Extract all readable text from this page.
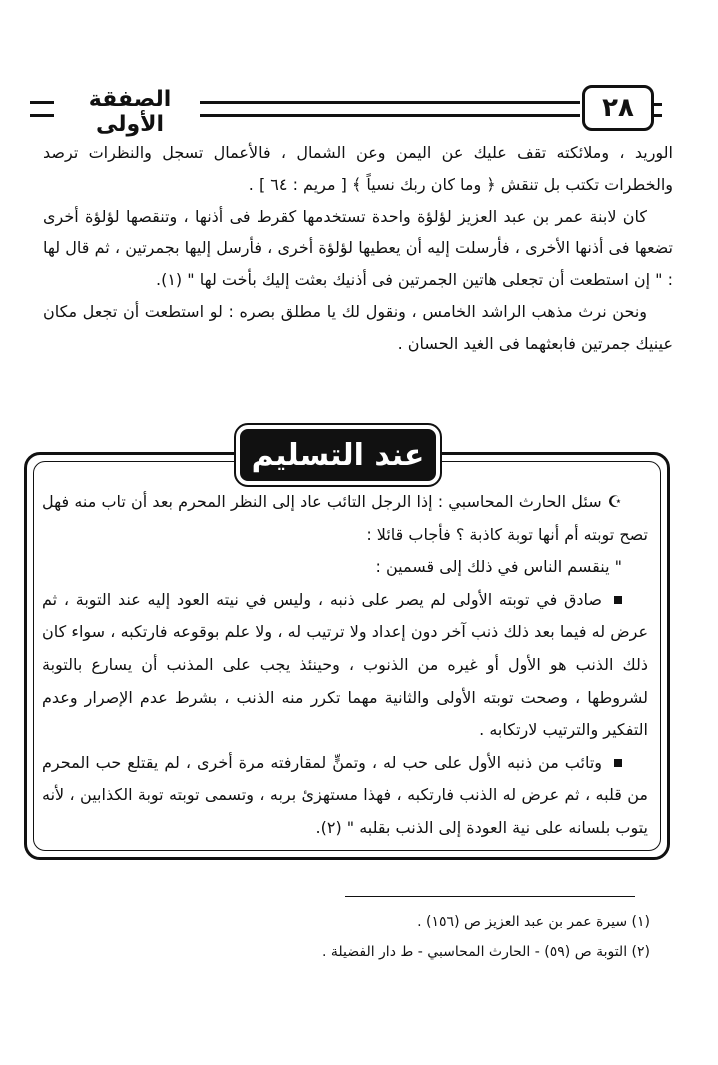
٢٨
الصفقة الأولى

الوريد ، وملائكته تقف عليك عن اليمن وعن الشمال ، فالأعمال تسجل والنظرات ترصد والخطرات تكتب بل تنقش ﴿ وما كان ربك نسياً ﴾ [ مريم : ٦٤ ] .

كان لابنة عمر بن عبد العزيز لؤلؤة واحدة تستخدمها كقرط فى أذنها ، وتنقصها لؤلؤة أخرى تضعها فى أذنها الأخرى ، فأرسلت إليه أن يعطيها لؤلؤة أخرى ، فأرسل إليها بجمرتين ، ثم قال لها : " إن استطعت أن تجعلى هاتين الجمرتين فى أذنيك بعثت إليك بأخت لها " (١).

ونحن نرث مذهب الراشد الخامس ، ونقول لك يا مطلق بصره : لو استطعت أن تجعل مكان عينيك جمرتين فابعثهما فى الغيد الحسان .

عند التسليم

☪سئل الحارث المحاسبي : إذا الرجل التائب عاد إلى النظر المحرم بعد أن تاب منه فهل تصح توبته أم أنها توبة كاذبة ؟ فأجاب قائلا :

" ينقسم الناس في ذلك إلى قسمين :

صادق في توبته الأولى لم يصر على ذنبه ، وليس في نيته العود إليه عند التوبة ، ثم عرض له فيما بعد ذلك ذنب آخر دون إعداد ولا ترتيب له ، ولا علم بوقوعه فارتكبه ، سواء كان ذلك الذنب هو الأول أو غيره من الذنوب ، وحينئذ يجب على المذنب أن يسارع بالتوبة لشروطها ، وصحت توبته الأولى والثانية مهما تكرر منه الذنب ، بشرط عدم الإصرار وعدم التفكير والترتيب لارتكابه .

وتائب من ذنبه الأول على حب له ، وتمنٍّ لمقارفته مرة أخرى ، لم يقتلع حب المحرم من قلبه ، ثم عرض له الذنب فارتكبه ، فهذا مستهزئ بربه ، وتسمى توبته توبة الكذابين ، لأنه يتوب بلسانه على نية العودة إلى الذنب بقلبه " (٢).

(١) سيرة عمر بن عبد العزيز ص (١٥٦) .

(٢) التوبة ص (٥٩) - الحارث المحاسبي - ط دار الفضيلة .
